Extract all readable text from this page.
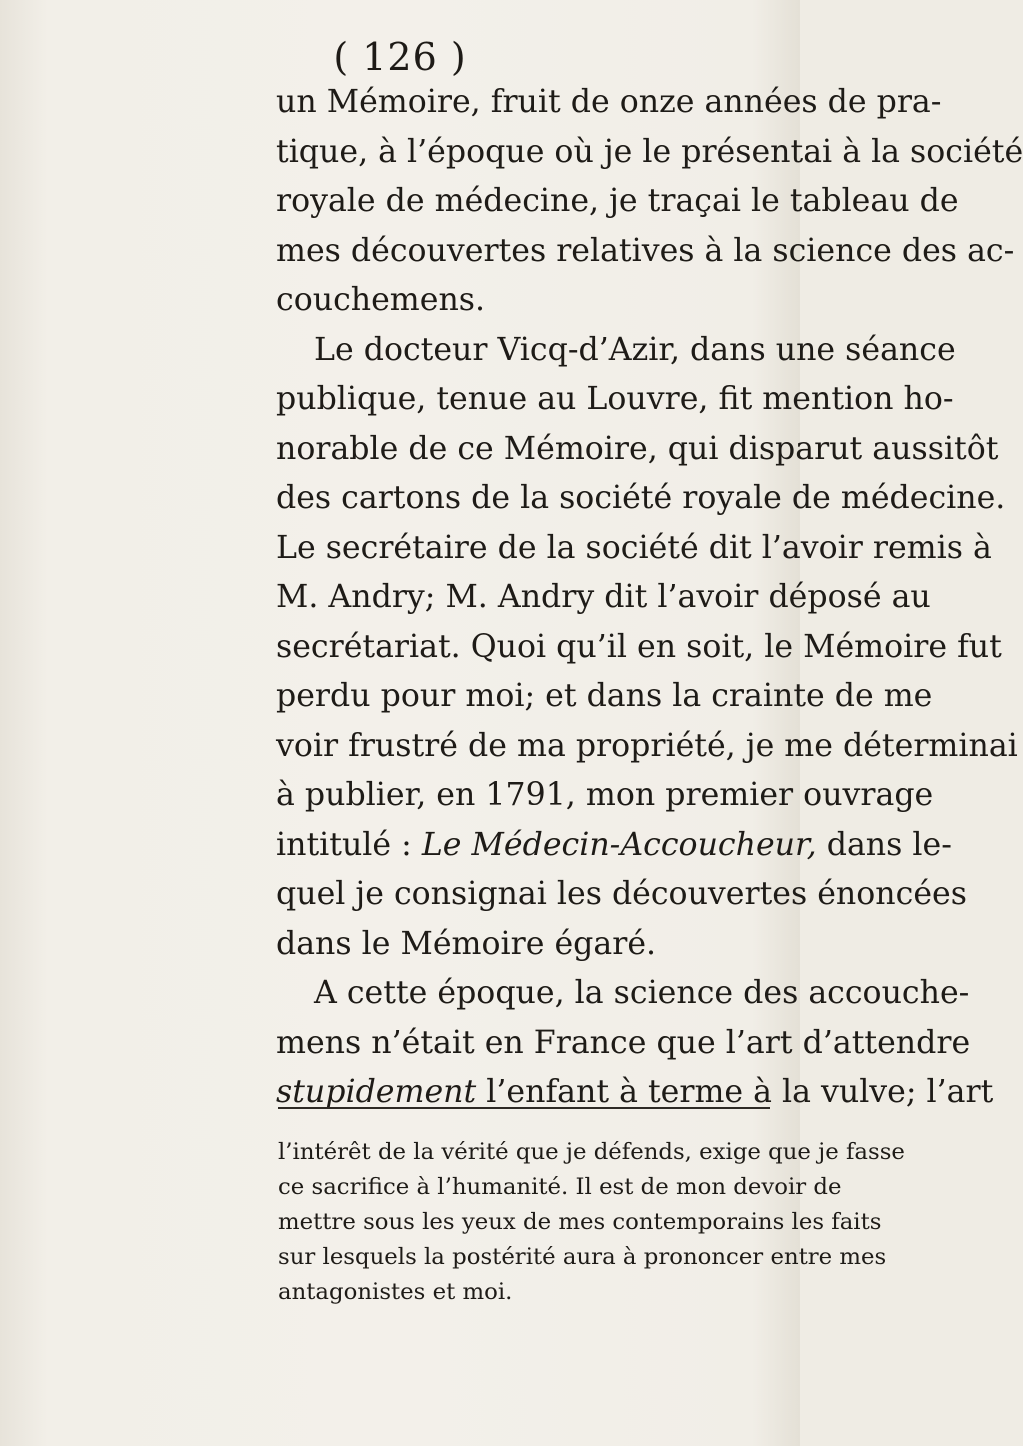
( 126 )
un Mémoire, fruit de onze années de pra-
tique, à l’époque où je le présentai à la société
royale de médecine, je traçai le tableau de
mes découvertes relatives à la science des ac-
couchemens.
Le docteur Vicq-d’Azir, dans une séance
publique, tenue au Louvre, fit mention ho-
norable de ce Mémoire, qui disparut aussitôt
des cartons de la société royale de médecine.
Le secrétaire de la société dit l’avoir remis à
M. Andry; M. Andry dit l’avoir déposé au
secrétariat. Quoi qu’il en soit, le Mémoire fut
perdu pour moi; et dans la crainte de me
voir frustré de ma propriété, je me déterminai
à publier, en 1791, mon premier ouvrage
intitulé : Le Médecin-Accoucheur, dans le-
quel je consignai les découvertes énoncées
dans le Mémoire égaré.
A cette époque, la science des accouche-
mens n’était en France que l’art d’attendre
stupidement l’enfant à terme à la vulve; l’art
l’intérêt de la vérité que je défends, exige que je fasse
ce sacrifice à l’humanité. Il est de mon devoir de
mettre sous les yeux de mes contemporains les faits
sur lesquels la postérité aura à prononcer entre mes
antagonistes et moi.
